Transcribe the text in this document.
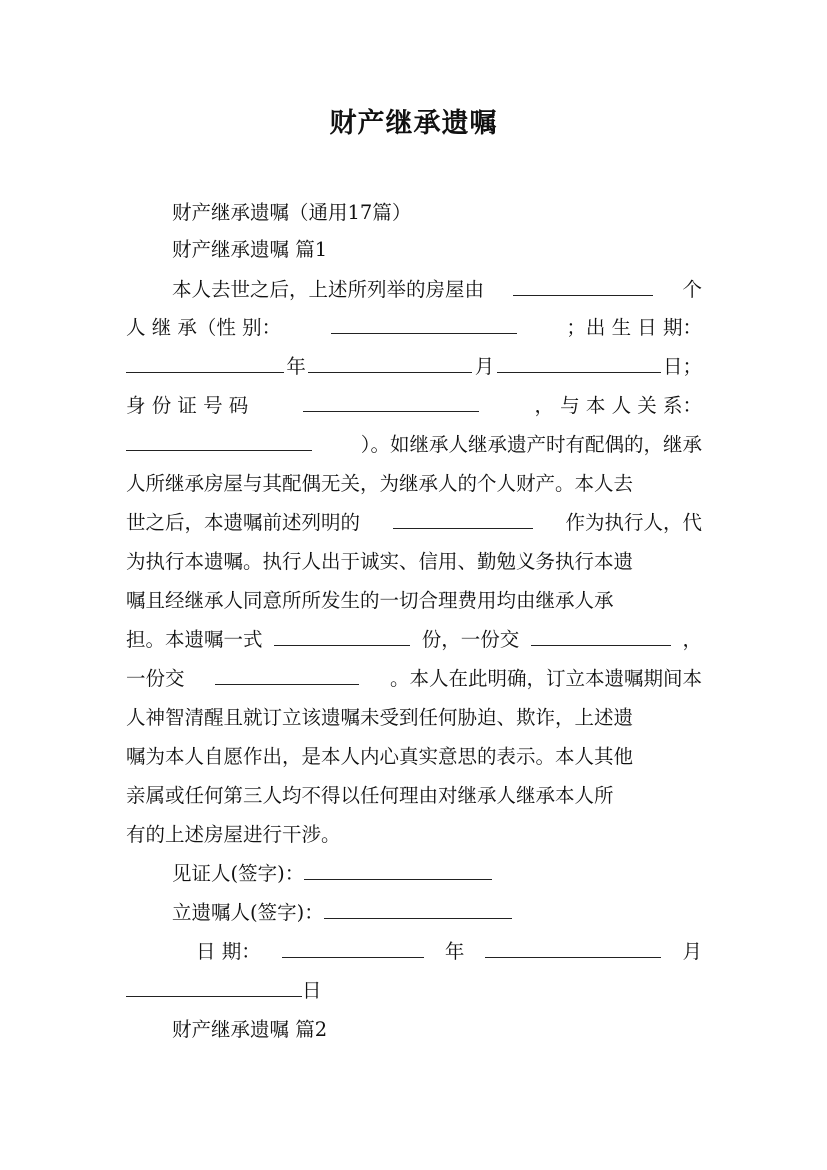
财产继承遗嘱
财产继承遗嘱（通用17篇）
财产继承遗嘱 篇1
本人去世之后，上述所列举的房屋由	个
人 继 承（性 别：	；出 生 日 期：
年	月	日；
身 份 证 号 码	， 与 本 人 关 系：
）。如继承人继承遗产时有配偶的，继承
人所继承房屋与其配偶无关，为继承人的个人财产。本人去
世之后，本遗嘱前述列明的	作为执行人，代
为执行本遗嘱。执行人出于诚实、信用、勤勉义务执行本遗
嘱且经继承人同意所所发生的一切合理费用均由继承人承
担。本遗嘱一式	份，一份交	，
一份交	。本人在此明确，订立本遗嘱期间本
人神智清醒且就订立该遗嘱未受到任何胁迫、欺诈，上述遗
嘱为本人自愿作出，是本人内心真实意思的表示。本人其他
亲属或任何第三人均不得以任何理由对继承人继承本人所
有的上述房屋进行干涉。
见证人(签字)：
立遗嘱人(签字)：
日 期：	年	月
日
财产继承遗嘱 篇2
